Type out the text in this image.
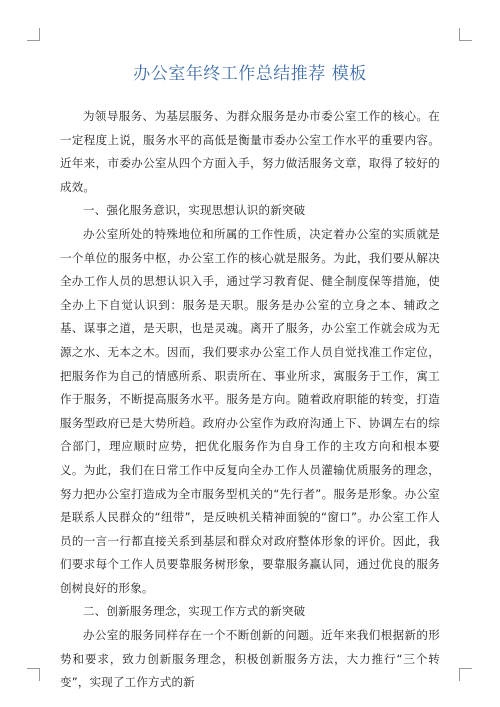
办公室年终工作总结推荐 模板

为领导服务、为基层服务、为群众服务是办市委公室工作的核心。在一定程度上说，服务水平的高低是衡量市委办公室工作水平的重要内容。近年来，市委办公室从四个方面入手，努力做活服务文章，取得了较好的成效。

一、强化服务意识，实现思想认识的新突破

办公室所处的特殊地位和所属的工作性质，决定着办公室的实质就是一个单位的服务中枢，办公室工作的核心就是服务。为此，我们要从解决全办工作人员的思想认识入手，通过学习教育促、健全制度保等措施，使全办上下自觉认识到：服务是天职。服务是办公室的立身之本、辅政之基、谋事之道，是天职，也是灵魂。离开了服务，办公室工作就会成为无源之水、无本之木。因而，我们要求办公室工作人员自觉找准工作定位，把服务作为自己的情感所系、职责所在、事业所求，寓服务于工作，寓工作于服务，不断提高服务水平。服务是方向。随着政府职能的转变，打造服务型政府已是大势所趋。政府办公室作为政府沟通上下、协调左右的综合部门，理应顺时应势，把优化服务作为自身工作的主攻方向和根本要义。为此，我们在日常工作中反复向全办工作人员灌输优质服务的理念，努力把办公室打造成为全市服务型机关的“先行者”。服务是形象。办公室是联系人民群众的“纽带”，是反映机关精神面貌的“窗口”。办公室工作人员的一言一行都直接关系到基层和群众对政府整体形象的评价。因此，我们要求每个工作人员要靠服务树形象，要靠服务赢认同，通过优良的服务创树良好的形象。

二、创新服务理念，实现工作方式的新突破

办公室的服务同样存在一个不断创新的问题。近年来我们根据新的形势和要求，致力创新服务理念，积极创新服务方法，大力推行“三个转变”，实现了工作方式的新
